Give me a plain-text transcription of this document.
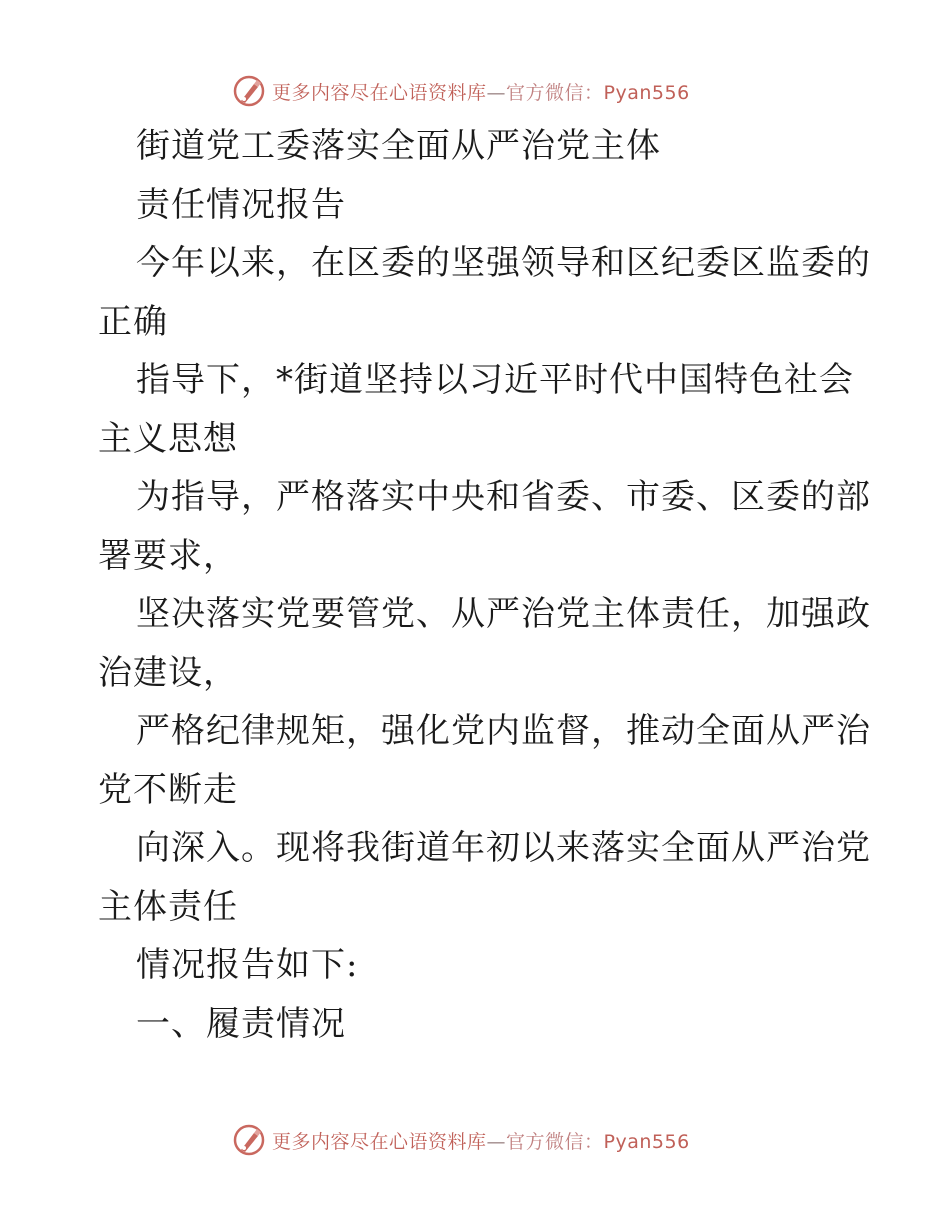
更多内容尽在心语资料库—官方微信：Pyan556
街道党工委落实全面从严治党主体
责任情况报告
今年以来，在区委的坚强领导和区纪委区监委的
正确
指导下，*街道坚持以习近平时代中国特色社会
主义思想
为指导，严格落实中央和省委、市委、区委的部
署要求，
坚决落实党要管党、从严治党主体责任，加强政
治建设，
严格纪律规矩，强化党内监督，推动全面从严治
党不断走
向深入。现将我街道年初以来落实全面从严治党
主体责任
情况报告如下:
一、履责情况
更多内容尽在心语资料库—官方微信：Pyan556
